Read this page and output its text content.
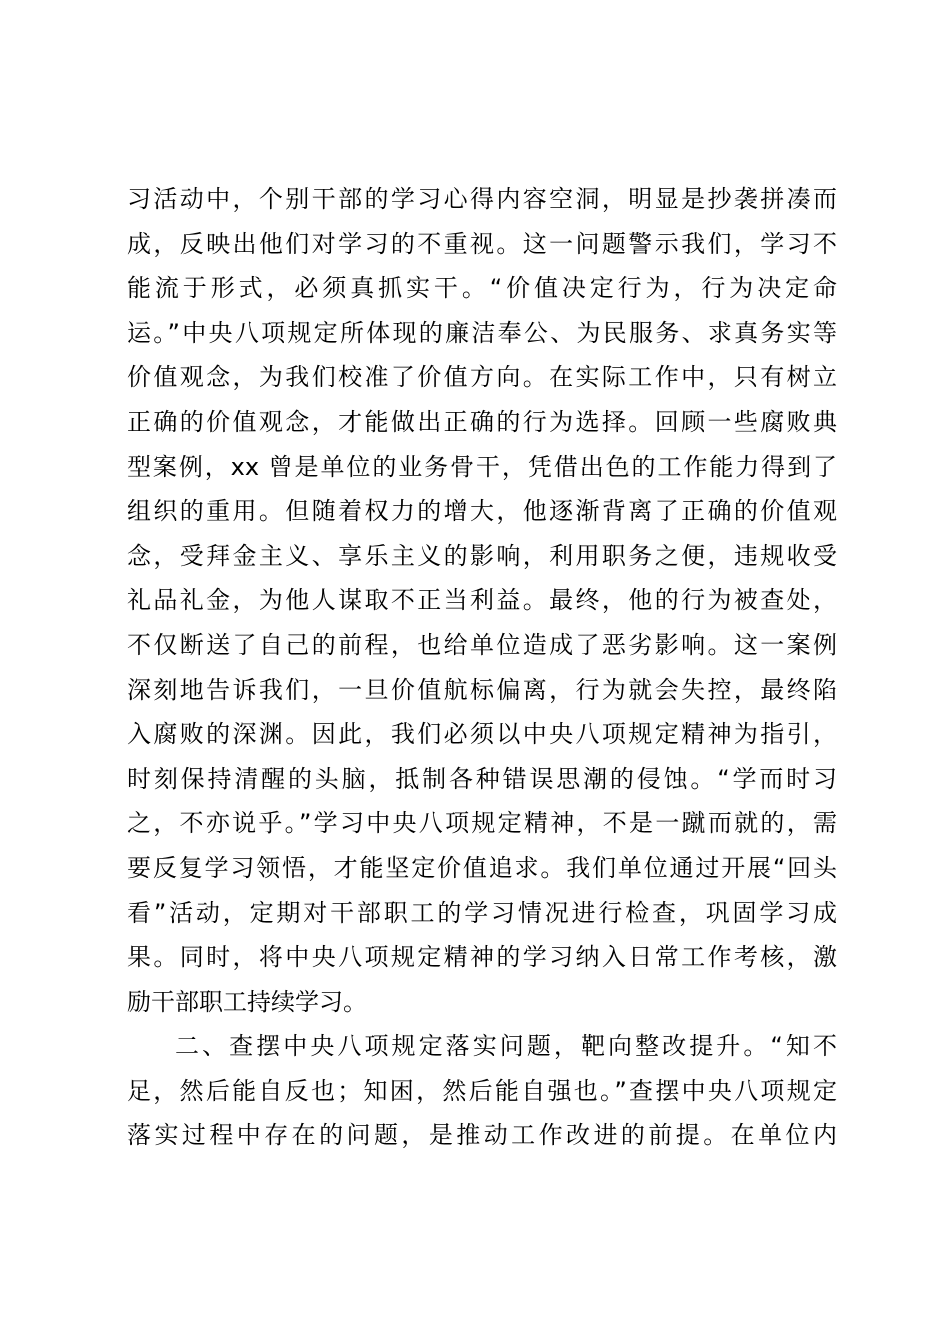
习活动中，个别干部的学习心得内容空洞，明显是抄袭拼凑而
成，反映出他们对学习的不重视。这一问题警示我们，学习不
能流于形式，必须真抓实干。“价值决定行为，行为决定命
运。”中央八项规定所体现的廉洁奉公、为民服务、求真务实等
价值观念，为我们校准了价值方向。在实际工作中，只有树立
正确的价值观念，才能做出正确的行为选择。回顾一些腐败典
型案例，xx 曾是单位的业务骨干，凭借出色的工作能力得到了
组织的重用。但随着权力的增大，他逐渐背离了正确的价值观
念，受拜金主义、享乐主义的影响，利用职务之便，违规收受
礼品礼金，为他人谋取不正当利益。最终，他的行为被查处，
不仅断送了自己的前程，也给单位造成了恶劣影响。这一案例
深刻地告诉我们，一旦价值航标偏离，行为就会失控，最终陷
入腐败的深渊。因此，我们必须以中央八项规定精神为指引，
时刻保持清醒的头脑，抵制各种错误思潮的侵蚀。“学而时习
之，不亦说乎。”学习中央八项规定精神，不是一蹴而就的，需
要反复学习领悟，才能坚定价值追求。我们单位通过开展“回头
看”活动，定期对干部职工的学习情况进行检查，巩固学习成
果。同时，将中央八项规定精神的学习纳入日常工作考核，激
励干部职工持续学习。
二、查摆中央八项规定落实问题，靶向整改提升。“知不
足，然后能自反也；知困，然后能自强也。”查摆中央八项规定
落实过程中存在的问题，是推动工作改进的前提。在单位内
